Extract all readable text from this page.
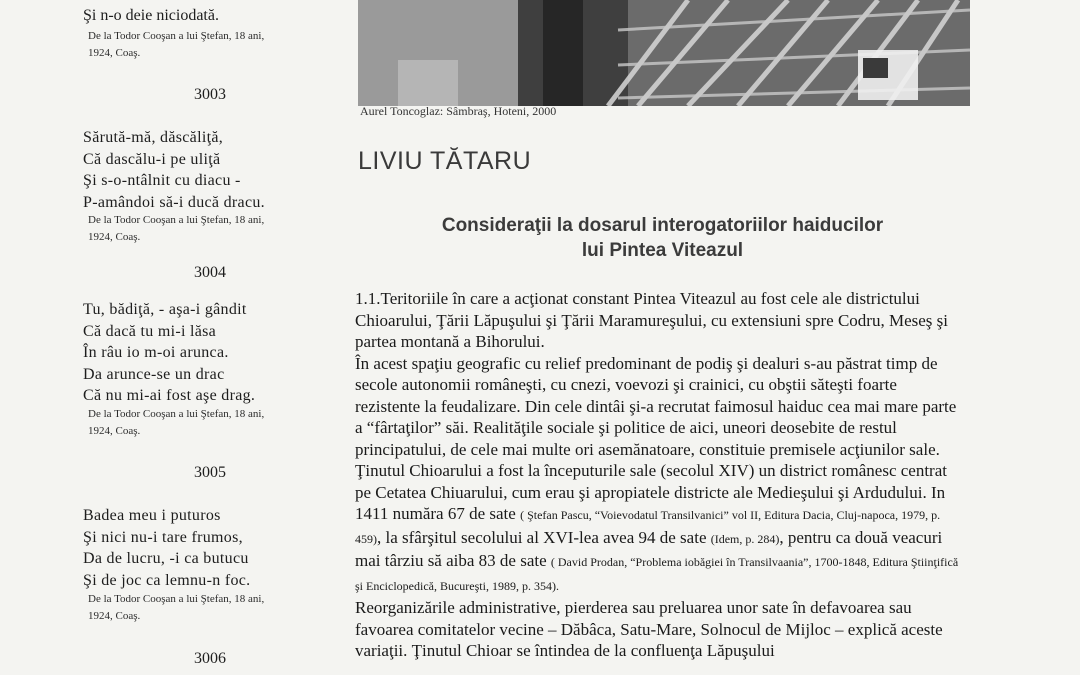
Şi n-o deie niciodată.
De la Todor Cooşan a lui Ştefan, 18 ani,
1924, Coaş.
3003
Sărută-mă, dăscăliţă,
Că dascălu-i pe uliţă
Şi s-o-ntâlnit cu diacu -
P-amândoi să-i ducă dracu.
De la Todor Cooşan a lui Ştefan, 18 ani,
1924, Coaş.
3004
Tu, bădiţă, - aşa-i gândit
Că dacă tu mi-i lăsa
În râu io m-oi arunca.
Da arunce-se un drac
Că nu mi-ai fost aşe drag.
De la Todor Cooşan a lui Ştefan, 18 ani,
1924, Coaş.
3005
Badea meu i puturos
Şi nici nu-i tare frumos,
Da de lucru, -i ca butucu
Şi de joc ca lemnu-n foc.
De la Todor Cooşan a lui Ştefan, 18 ani,
1924, Coaş.
3006
Aurel Toncoglaz: Sâmbraş, Hoteni, 2000
LIVIU TĂTARU
Consideraţii la dosarul interogatoriilor haiducilor
lui Pintea Viteazul

1.1.Teritoriile în care a acţionat constant Pintea Viteazul au fost cele ale districtului Chioarului, Ţării Lăpuşului şi Ţării Maramureşului, cu extensiuni spre Codru, Meseş şi partea montană a Bihorului.

În acest spaţiu geografic cu relief predominant de podiş şi dealuri s-au păstrat timp de secole autonomii româneşti, cu cnezi, voevozi şi crainici, cu obştii săteşti foarte rezistente la feudalizare. Din cele dintâi şi-a recrutat faimosul haiduc cea mai mare parte a “fârtaţilor” săi. Realităţile sociale şi politice de aici, uneori deosebite de restul principatului, de cele mai multe ori asemănatoare, constituie premisele acţiunilor sale. Ţinutul Chioarului a fost la începuturile sale (secolul XIV) un district românesc centrat pe Cetatea Chiuarului, cum erau şi apropiatele districte ale Medieşului şi Ardudului. In 1411 număra 67 de sate ( Ştefan Pascu, “Voievodatul Transilvanici” vol II, Editura Dacia, Cluj-napoca, 1979, p. 459), la sfârşitul secolului al XVI-lea avea 94 de sate (Idem, p. 284), pentru ca două veacuri mai târziu să aiba 83 de sate ( David Prodan, “Problema iobăgiei în Transilvaania”, 1700-1848, Editura Ştiinţifică şi Enciclopedică, Bucureşti, 1989, p. 354).

Reorganizările administrative, pierderea sau preluarea unor sate în defavoarea sau favoarea comitatelor vecine – Dăbâca, Satu-Mare, Solnocul de Mijloc – explică aceste variaţii. Ţinutul Chioar se întindea de la confluenţa Lăpuşului
